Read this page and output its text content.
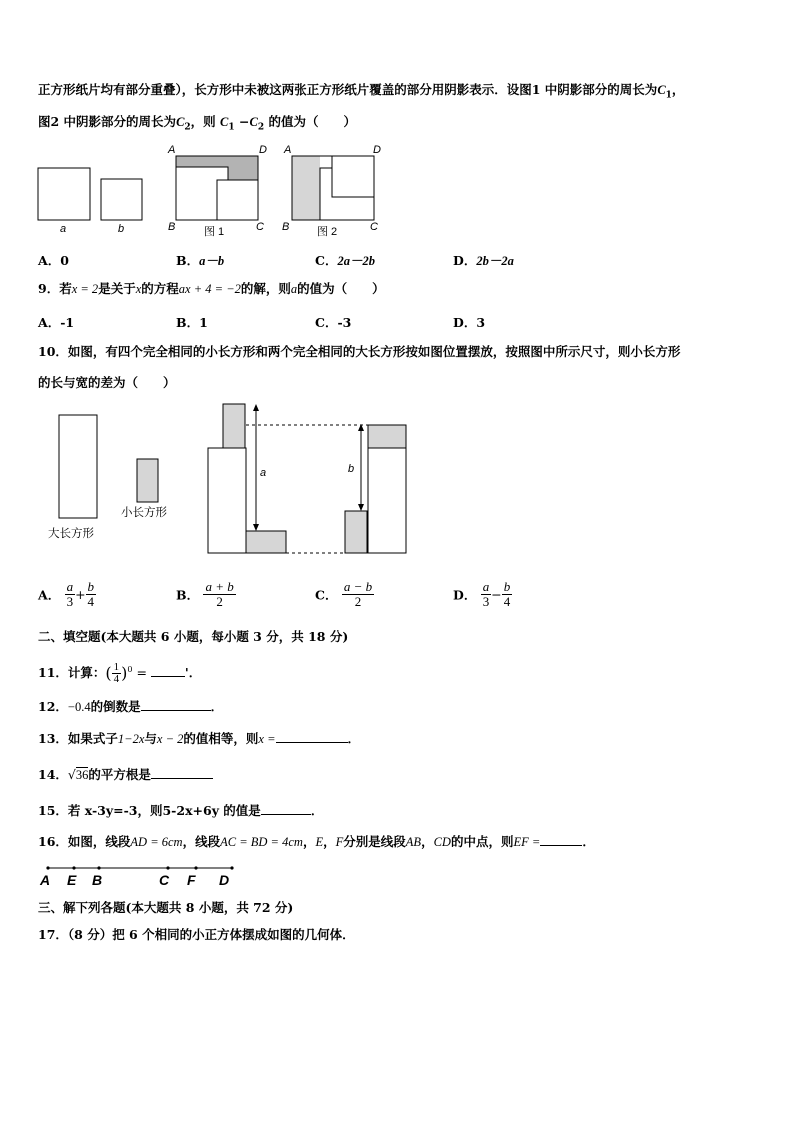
正方形纸片均有部分重叠），长方形中未被这两张正方形纸片覆盖的部分用阴影表示．设图1 中阴影部分的周长为$C_1$，
图2 中阴影部分的周长为$C_2$，则 $C_1 -C_2$ 的值为（　　）
a	b
A	D
B	C
图 1
A	D
B	C
图 2
A．0	B．a－b	C．2a－2b	D．2b－2a
9．若x = 2是关于x的方程ax + 4 = −2的解，则a的值为（　　）
A．-1	B．1	C．-3	D．3
10．如图，有四个完全相同的小长方形和两个完全相同的大长方形按如图位置摆放，按照图中所示尺寸，则小长方形
的长与宽的差为（　　）
大长方形
小长方形
a	b
A． $\frac{a}{3} + \frac{b}{4}$	B． $\frac{a + b}{2}$	C． $\frac{a - b}{2}$	D． $\frac{a}{3} - \frac{b}{4}$
二、填空题(本大题共 6 小题，每小题 3 分，共 18 分)
11．计算：( $\frac{1}{4} )^0$ =	'．
12．−0.4的倒数是	．
13．如果式子1−2x与x − 2的值相等，则x =	．
14．√36的平方根是
15．若 x-3y=-3，则5-2x+6y 的值是	．
16．如图，线段AD = 6cm，线段AC = BD = 4cm，E，F分别是线段AB，CD的中点，则EF =	．
A E B	C F D
三、解下列各题(本大题共 8 小题，共 72 分)
17．（8 分）把 6 个相同的小正方体摆成如图的几何体．
